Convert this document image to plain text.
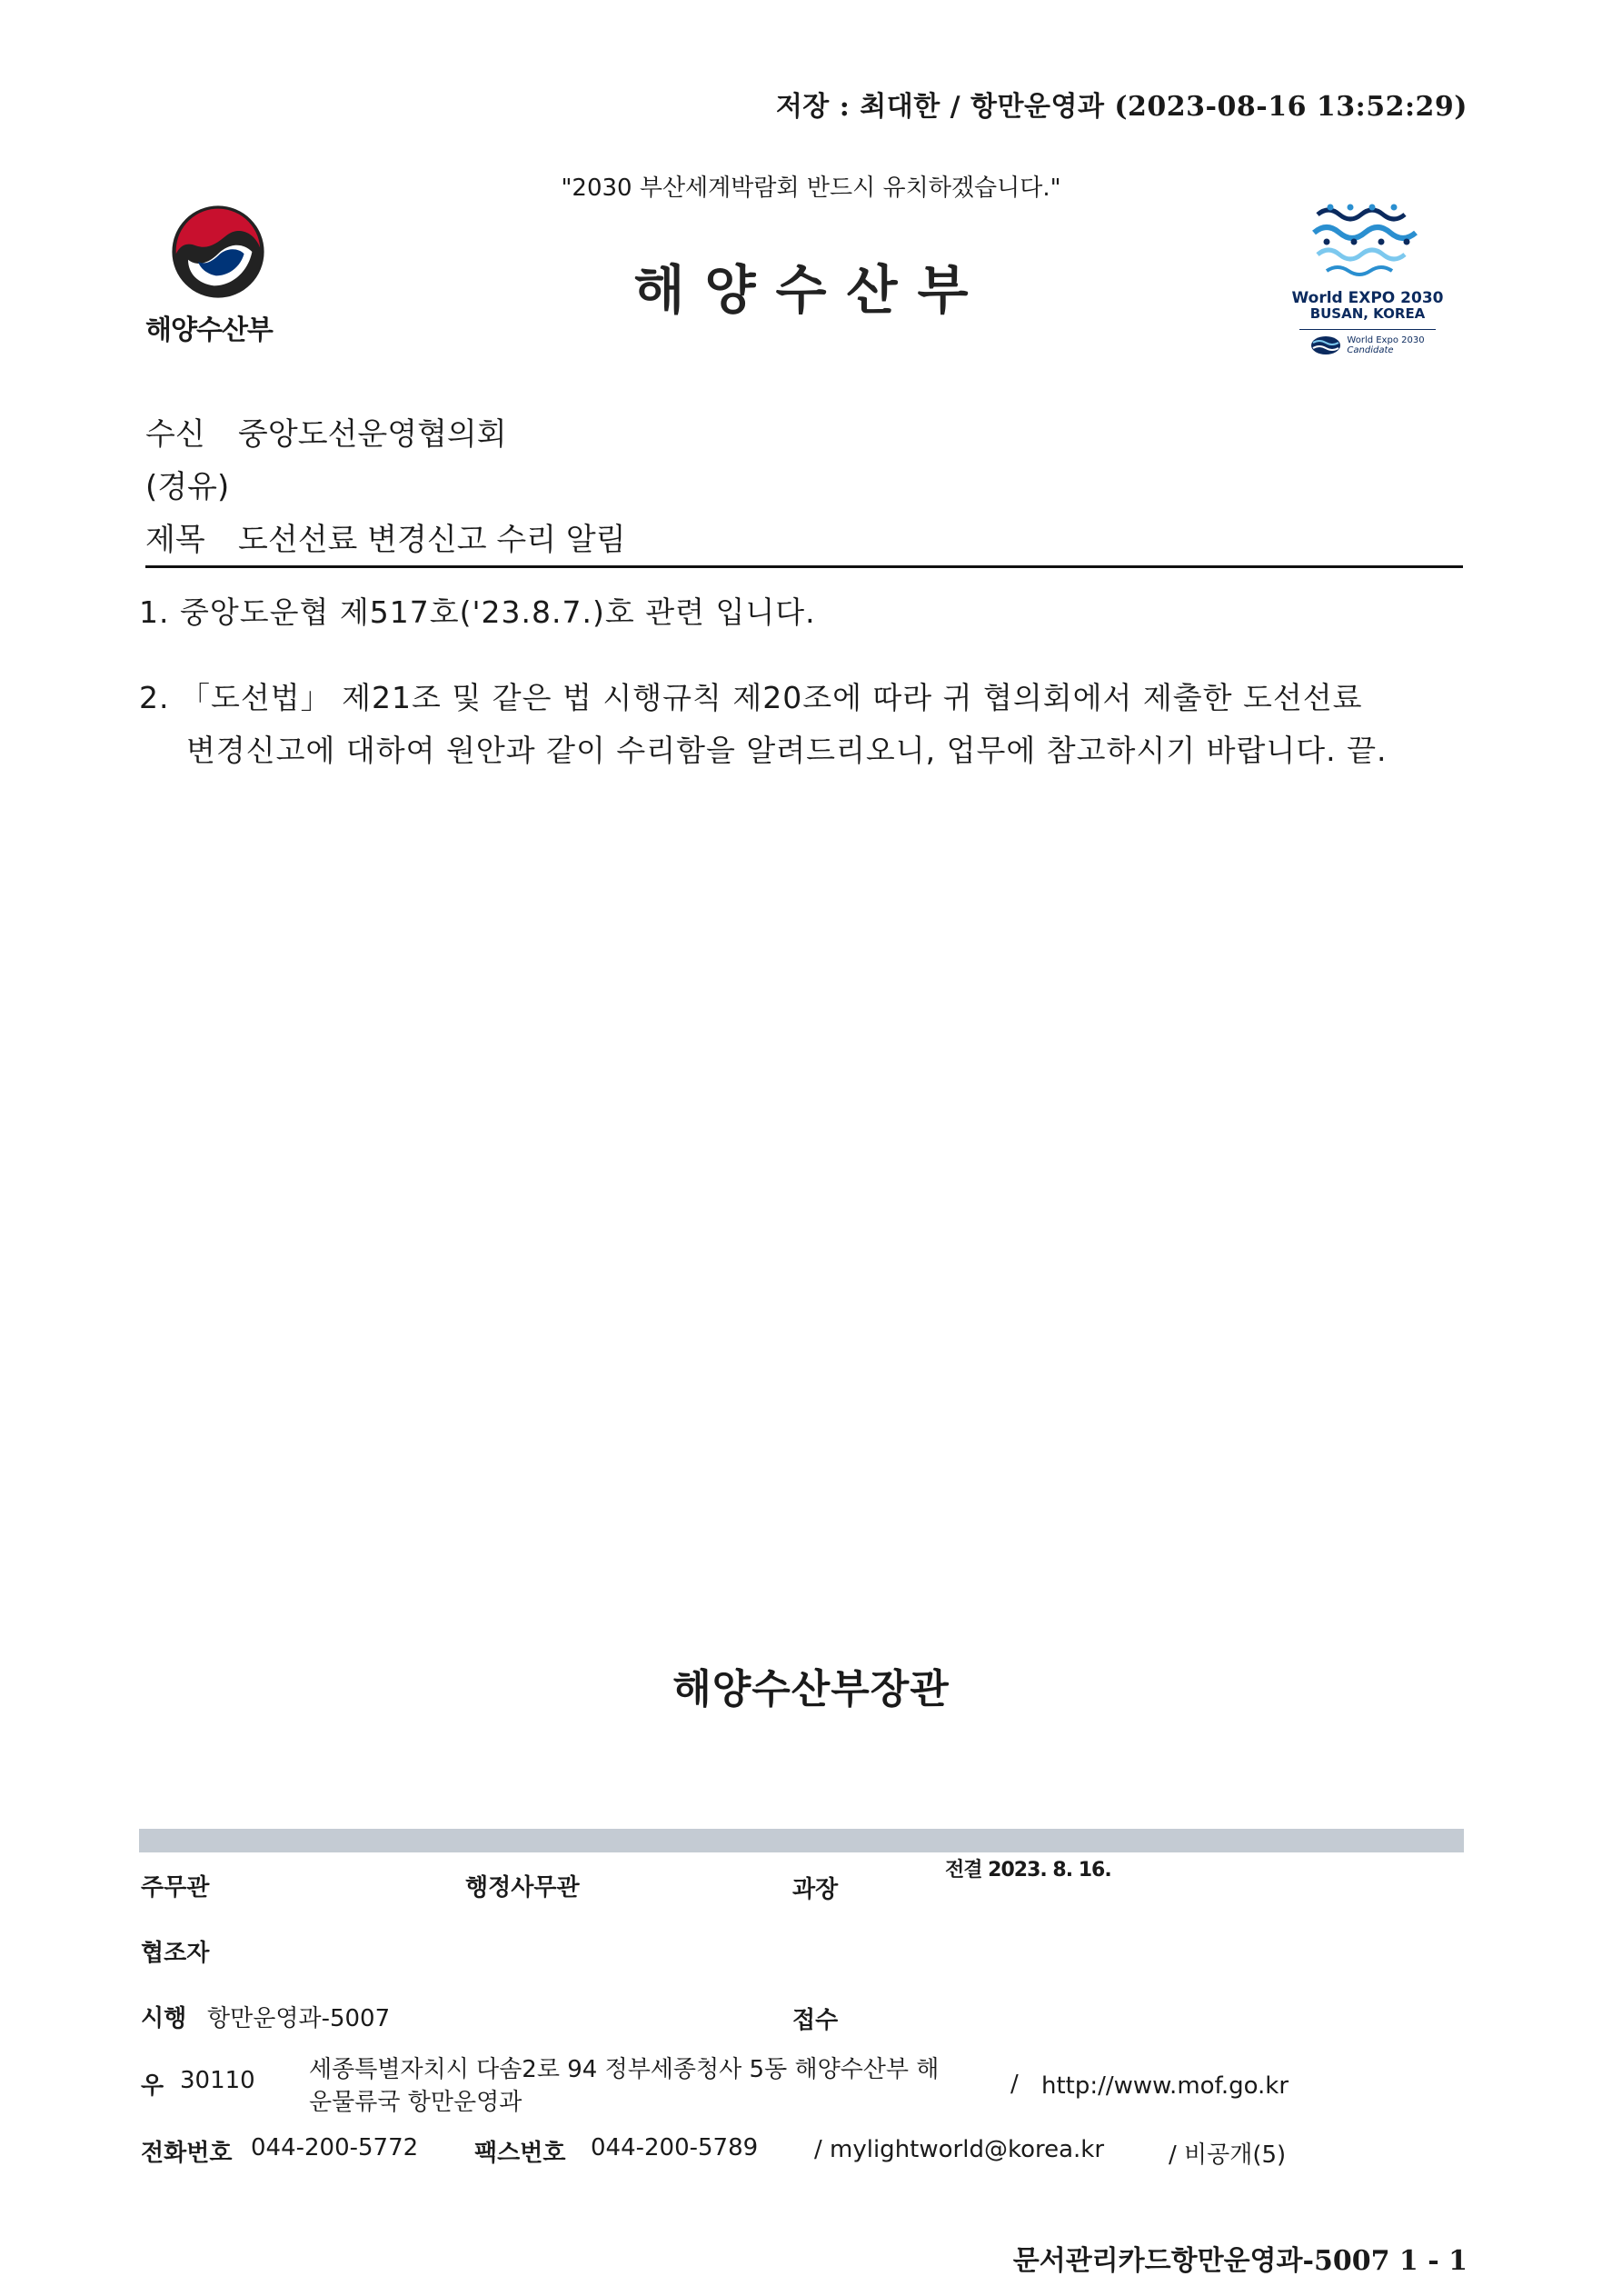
저장 : 최대한 / 항만운영과 (2023-08-16 13:52:29)
"2030 부산세계박람회 반드시 유치하겠습니다."
해양수산부
해양수산부	World EXPO 2030
BUSAN, KOREA
World Expo 2030
Candidate
수신 중앙도선운영협의회
(경유)
제목 도선선료 변경신고 수리 알림
1. 중앙도운협 제517호('23.8.7.)호 관련 입니다.
2. 「도선법」 제21조 및 같은 법 시행규칙 제20조에 따라 귀 협의회에서 제출한 도선선료
변경신고에 대하여 원안과 같이 수리함을 알려드리오니, 업무에 참고하시기 바랍니다. 끝.
해양수산부장관
주무관	행정사무관	과장
전결 2023. 8. 16.
협조자
시행 항만운영과-5007	접수
우 30110 세종특별자치시 다솜2로 94 정부세종청사 5동 해양수산부 해
운물류국 항만운영과
/ http://www.mof.go.kr
전화번호 044-200-5772 팩스번호 044-200-5789 / mylightworld@korea.kr	/ 비공개(5)
문서관리카드항만운영과-5007 1 - 1
